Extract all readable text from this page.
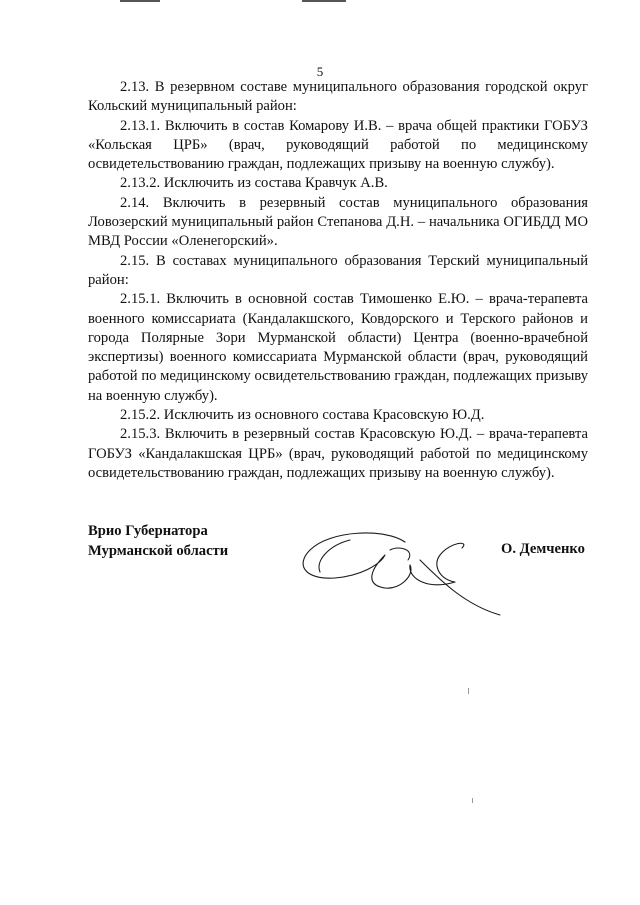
5

2.13. В резервном составе муниципального образования городской округ Кольский муниципальный район:

2.13.1. Включить в состав Комарову И.В. – врача общей практики ГОБУЗ «Кольская ЦРБ» (врач, руководящий работой по медицинскому освидетельствованию граждан, подлежащих призыву на военную службу).

2.13.2. Исключить из состава Кравчук А.В.

2.14. Включить в резервный состав муниципального образования Ловозерский муниципальный район Степанова Д.Н. – начальника ОГИБДД МО МВД России «Оленегорский».

2.15. В составах муниципального образования Терский муниципальный район:

2.15.1. Включить в основной состав Тимошенко Е.Ю. – врача-терапевта военного комиссариата (Кандалакшского, Ковдорского и Терского районов и города Полярные Зори Мурманской области) Центра (военно-врачебной экспертизы) военного комиссариата Мурманской области (врач, руководящий работой по медицинскому освидетельствованию граждан, подлежащих призыву на военную службу).

2.15.2. Исключить из основного состава Красовскую Ю.Д.

2.15.3. Включить в резервный состав Красовскую Ю.Д. – врача-терапевта ГОБУЗ «Кандалакшская ЦРБ» (врач, руководящий работой по медицинскому освидетельствованию граждан, подлежащих призыву на военную службу).

Врио Губернатора
Мурманской области	О. Демченко
